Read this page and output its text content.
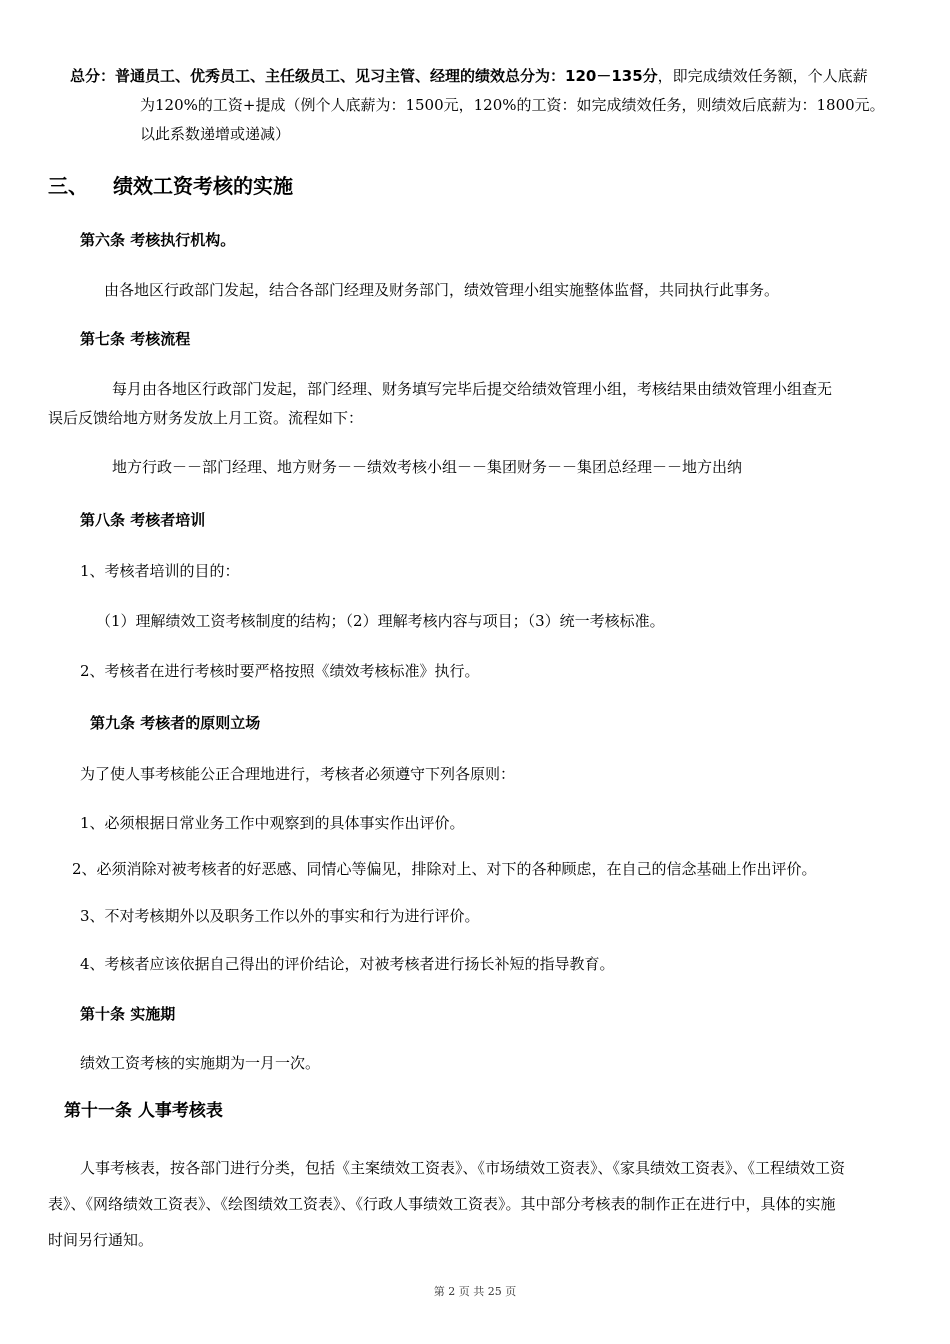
总分：普通员工、优秀员工、主任级员工、见习主管、经理的绩效总分为：120－135分，即完成绩效任务额，个人底薪
为120%的工资+提成（例个人底薪为：1500元，120%的工资：如完成绩效任务，则绩效后底薪为：1800元。
以此系数递增或递减）
三、 绩效工资考核的实施
第六条 考核执行机构。
由各地区行政部门发起，结合各部门经理及财务部门，绩效管理小组实施整体监督，共同执行此事务。
第七条 考核流程
每月由各地区行政部门发起，部门经理、财务填写完毕后提交给绩效管理小组，考核结果由绩效管理小组查无
误后反馈给地方财务发放上月工资。流程如下：
地方行政－－部门经理、地方财务－－绩效考核小组－－集团财务－－集团总经理－－地方出纳
第八条 考核者培训
1、考核者培训的目的：
（1）理解绩效工资考核制度的结构；（2）理解考核内容与项目；（3）统一考核标准。
2、考核者在进行考核时要严格按照《绩效考核标准》执行。
第九条 考核者的原则立场
为了使人事考核能公正合理地进行，考核者必须遵守下列各原则：
1、必须根据日常业务工作中观察到的具体事实作出评价。
2、必须消除对被考核者的好恶感、同情心等偏见，排除对上、对下的各种顾虑，在自己的信念基础上作出评价。
3、不对考核期外以及职务工作以外的事实和行为进行评价。
4、考核者应该依据自己得出的评价结论，对被考核者进行扬长补短的指导教育。
第十条 实施期
绩效工资考核的实施期为一月一次。
第十一条 人事考核表
人事考核表，按各部门进行分类，包括《主案绩效工资表》、《市场绩效工资表》、《家具绩效工资表》、《工程绩效工资
表》、《网络绩效工资表》、《绘图绩效工资表》、《行政人事绩效工资表》。其中部分考核表的制作正在进行中，具体的实施
时间另行通知。
第 2 页 共 25 页
